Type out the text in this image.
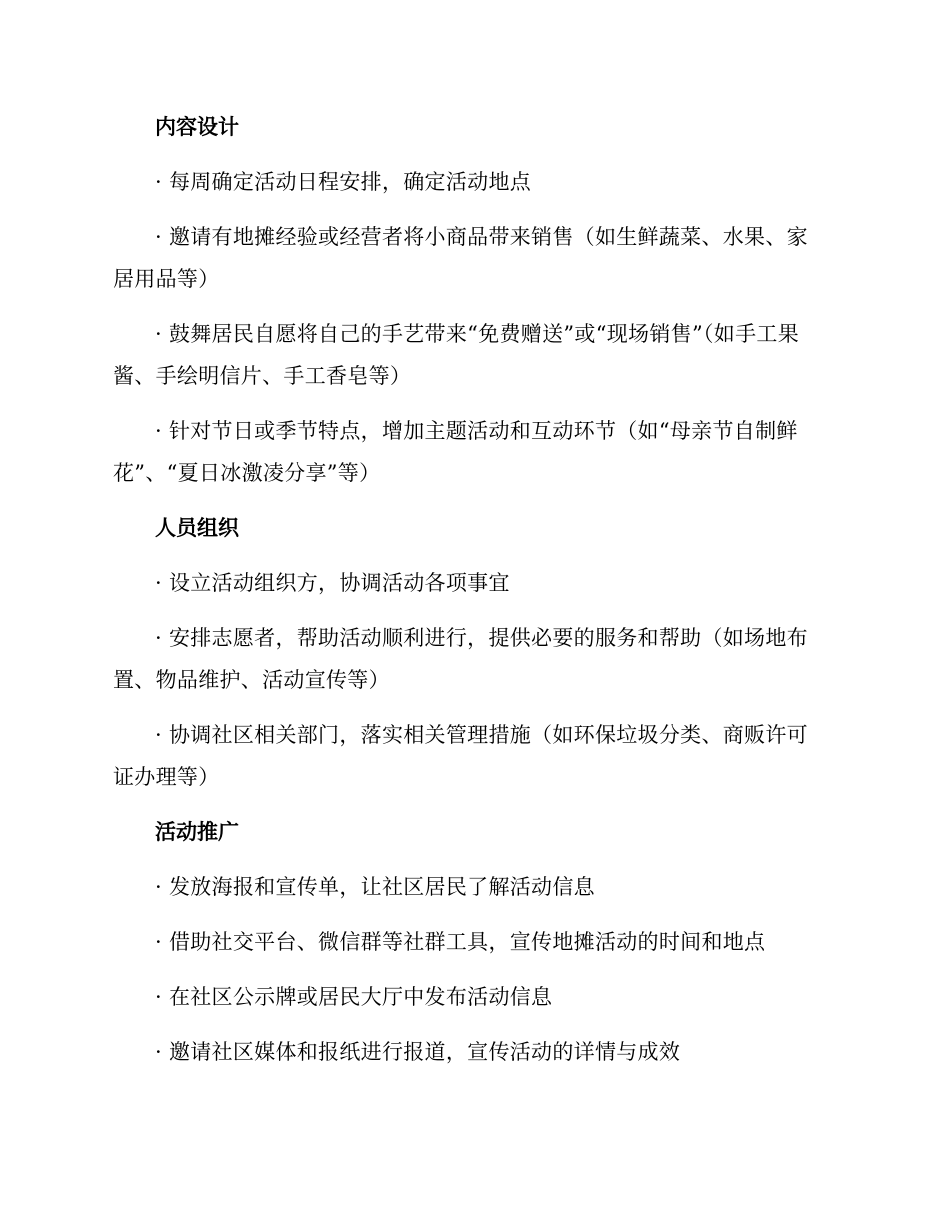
内容设计

· 每周确定活动日程安排，确定活动地点

· 邀请有地摊经验或经营者将小商品带来销售（如生鲜蔬菜、水果、家居用品等）

· 鼓舞居民自愿将自己的手艺带来“免费赠送”或“现场销售”（如手工果酱、手绘明信片、手工香皂等）

· 针对节日或季节特点，增加主题活动和互动环节（如“母亲节自制鲜花”、“夏日冰激凌分享”等）

人员组织

· 设立活动组织方，协调活动各项事宜

· 安排志愿者，帮助活动顺利进行，提供必要的服务和帮助（如场地布置、物品维护、活动宣传等）

· 协调社区相关部门，落实相关管理措施（如环保垃圾分类、商贩许可证办理等）

活动推广

· 发放海报和宣传单，让社区居民了解活动信息

· 借助社交平台、微信群等社群工具，宣传地摊活动的时间和地点

· 在社区公示牌或居民大厅中发布活动信息

· 邀请社区媒体和报纸进行报道，宣传活动的详情与成效
